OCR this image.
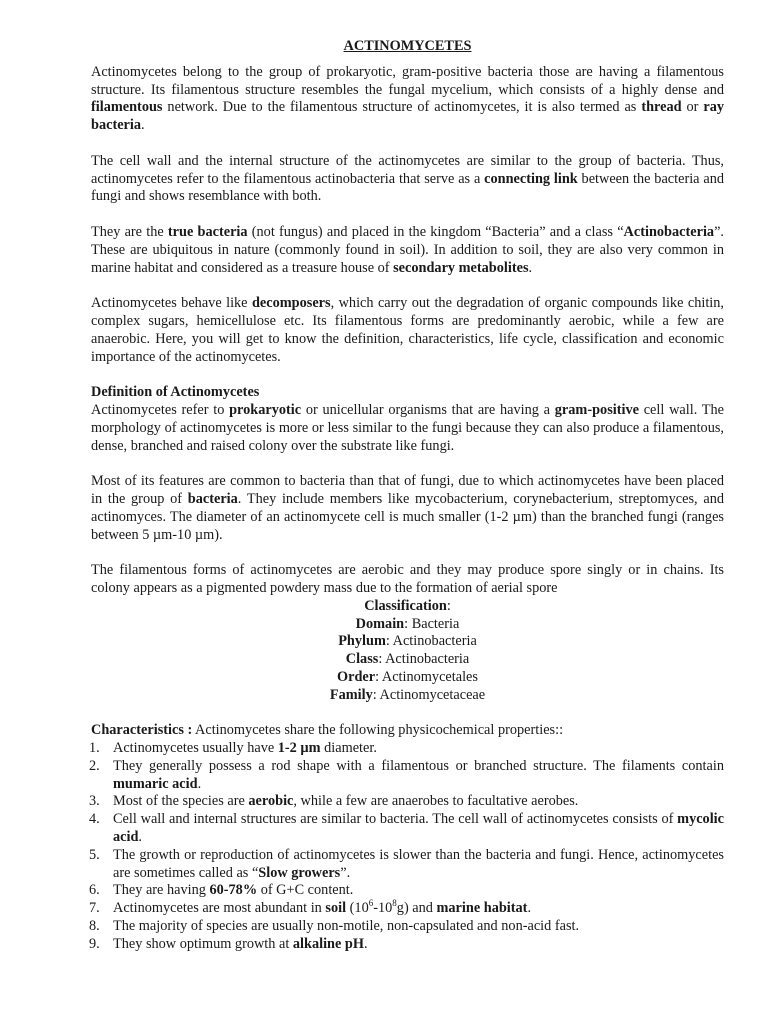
ACTINOMYCETES

Actinomycetes belong to the group of prokaryotic, gram-positive bacteria those are having a filamentous structure. Its filamentous structure resembles the fungal mycelium, which consists of a highly dense and filamentous network. Due to the filamentous structure of actinomycetes, it is also termed as thread or ray bacteria.

The cell wall and the internal structure of the actinomycetes are similar to the group of bacteria. Thus, actinomycetes refer to the filamentous actinobacteria that serve as a connecting link between the bacteria and fungi and shows resemblance with both.

They are the true bacteria (not fungus) and placed in the kingdom “Bacteria” and a class “Actinobacteria”. These are ubiquitous in nature (commonly found in soil). In addition to soil, they are also very common in marine habitat and considered as a treasure house of secondary metabolites.

Actinomycetes behave like decomposers, which carry out the degradation of organic compounds like chitin, complex sugars, hemicellulose etc. Its filamentous forms are predominantly aerobic, while a few are anaerobic. Here, you will get to know the definition, characteristics, life cycle, classification and economic importance of the actinomycetes.

Definition of Actinomycetes

Actinomycetes refer to prokaryotic or unicellular organisms that are having a gram-positive cell wall. The morphology of actinomycetes is more or less similar to the fungi because they can also produce a filamentous, dense, branched and raised colony over the substrate like fungi.

Most of its features are common to bacteria than that of fungi, due to which actinomycetes have been placed in the group of bacteria. They include members like mycobacterium, corynebacterium, streptomyces, and actinomyces. The diameter of an actinomycete cell is much smaller (1-2 µm) than the branched fungi (ranges between 5 µm-10 µm).

The filamentous forms of actinomycetes are aerobic and they may produce spore singly or in chains. Its colony appears as a pigmented powdery mass due to the formation of aerial spore

Classification:
Domain: Bacteria
Phylum: Actinobacteria
Class: Actinobacteria
Order: Actinomycetales
Family: Actinomycetaceae

Characteristics : Actinomycetes share the following physicochemical properties::

1. Actinomycetes usually have 1-2 µm diameter.
2. They generally possess a rod shape with a filamentous or branched structure. The filaments contain mumaric acid.
3. Most of the species are aerobic, while a few are anaerobes to facultative aerobes.
4. Cell wall and internal structures are similar to bacteria. The cell wall of actinomycetes consists of mycolic acid.
5. The growth or reproduction of actinomycetes is slower than the bacteria and fungi. Hence, actinomycetes are sometimes called as “Slow growers”.
6. They are having 60-78% of G+C content.
7. Actinomycetes are most abundant in soil $(10^6-10^8g)$ and marine habitat.
8. The majority of species are usually non-motile, non-capsulated and non-acid fast.
9. They show optimum growth at alkaline pH.
